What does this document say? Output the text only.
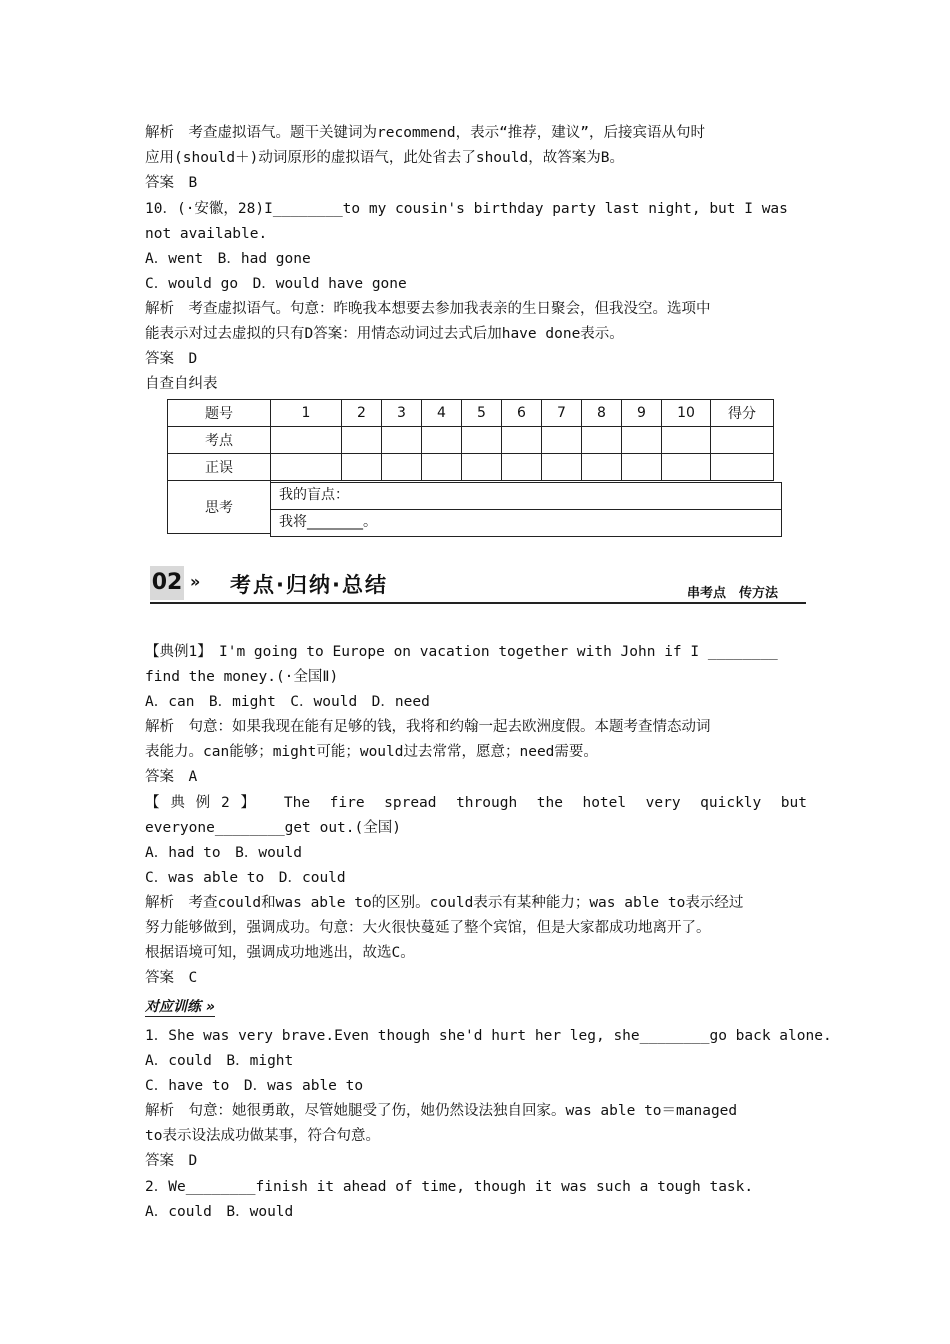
解析　考查虚拟语气。题干关键词为recommend，表示“推荐，建议”，后接宾语从句时
应用(should＋)动词原形的虚拟语气，此处省去了should，故答案为B。
答案　B
10．(·安徽，28)I________to my cousin's birthday party last night, but I was
not available.
A．went　B．had gone
C．would go　D．would have gone
解析　考查虚拟语气。句意：昨晚我本想要去参加我表亲的生日聚会，但我没空。选项中
能表示对过去虚拟的只有D答案：用情态动词过去式后加have done表示。
答案　D
自查自纠表
题号	1	2	3	4	5	6	7	8	9	10	得分
考点											
正误											
思考											
我的盲点：
我将________。
02 » 考点·归纳·总结	串考点　传方法
【典例1】　I'm going to Europe on vacation together with John if I ________
find the money.(·全国Ⅱ)
A．can　B．might　C．would　D．need
解析　句意：如果我现在能有足够的钱，我将和约翰一起去欧洲度假。本题考查情态动词
表能力。can能够；might可能；would过去常常，愿意；need需要。
答案　A
【典例2】　The fire spread through the hotel very quickly but
everyone________get out.(全国)
A．had to　B．would
C．was able to　D．could
解析　考查could和was able to的区别。could表示有某种能力；was able to表示经过
努力能够做到，强调成功。句意：大火很快蔓延了整个宾馆，但是大家都成功地离开了。
根据语境可知，强调成功地逃出，故选C。
答案　C
对应训练 »
1．She was very brave.Even though she'd hurt her leg, she________go back alone.
A．could　B．might
C．have to　D．was able to
解析　句意：她很勇敢，尽管她腿受了伤，她仍然设法独自回家。was able to＝managed
to表示设法成功做某事，符合句意。
答案　D
2．We________finish it ahead of time, though it was such a tough task.
A．could　B．would
